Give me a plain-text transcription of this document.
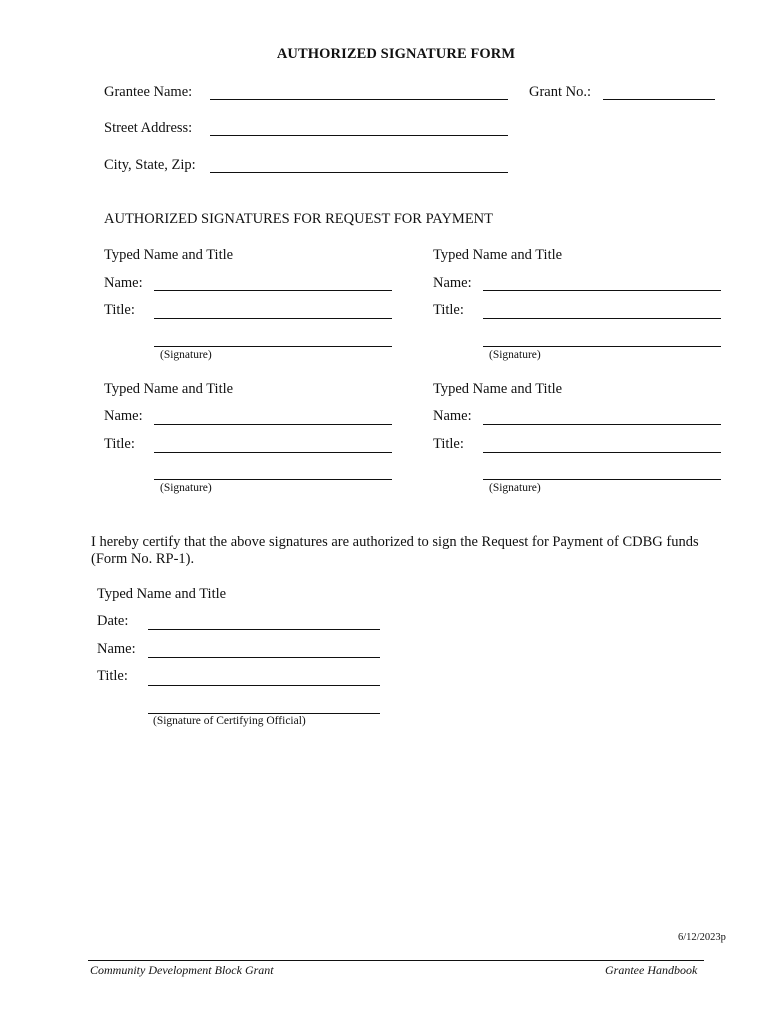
AUTHORIZED SIGNATURE FORM
Grantee Name:	Grant No.:
Street Address:
City, State, Zip:
AUTHORIZED SIGNATURES FOR REQUEST FOR PAYMENT
Typed Name and Title
Name:
Title:
(Signature)
Typed Name and Title
Name:
Title:
(Signature)
Typed Name and Title
Name:
Title:
(Signature)
Typed Name and Title
Name:
Title:
(Signature)
I hereby certify that the above signatures are authorized to sign the Request for Payment of CDBG funds (Form No. RP-1).
Typed Name and Title
Date:
Name:
Title:
(Signature of Certifying Official)
6/12/2023p
Community Development Block Grant	Grantee Handbook
